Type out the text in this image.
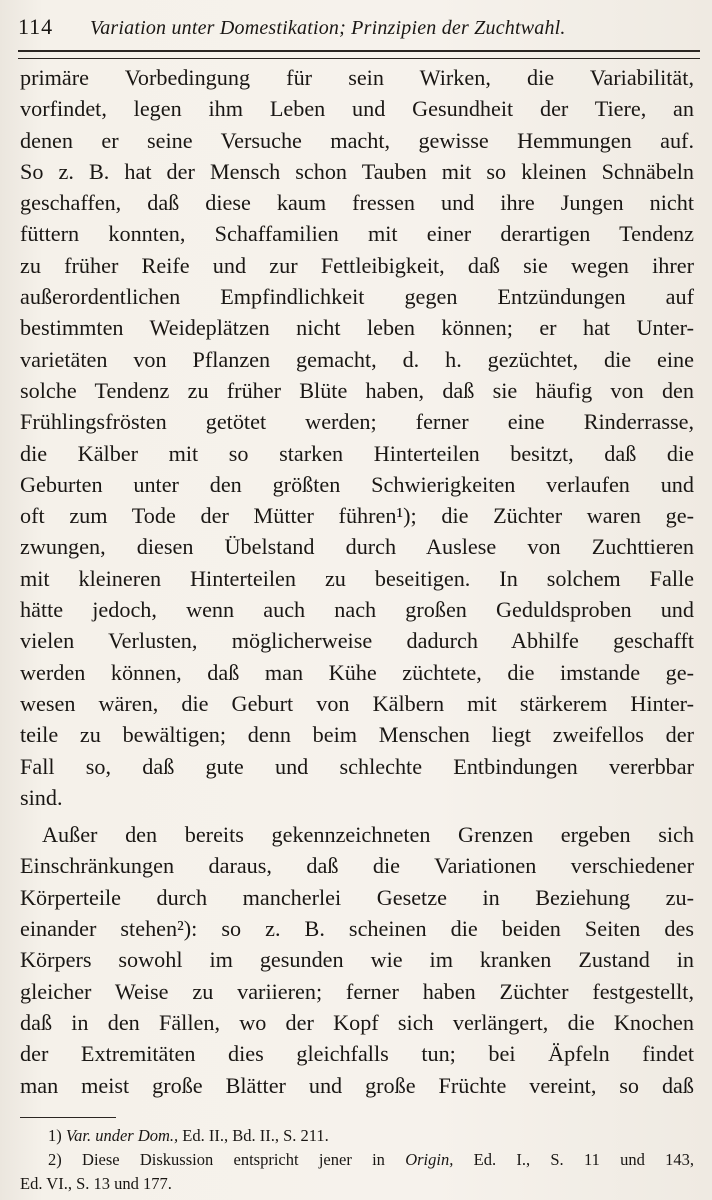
114	Variation unter Domestikation; Prinzipien der Zuchtwahl.
primäre Vorbedingung für sein Wirken, die Variabilität,
vorfindet, legen ihm Leben und Gesundheit der Tiere, an
denen er seine Versuche macht, gewisse Hemmungen auf.
So z. B. hat der Mensch schon Tauben mit so kleinen Schnäbeln
geschaffen, daß diese kaum fressen und ihre Jungen nicht
füttern konnten, Schaffamilien mit einer derartigen Tendenz
zu früher Reife und zur Fettleibigkeit, daß sie wegen ihrer
außerordentlichen Empfindlichkeit gegen Entzündungen auf
bestimmten Weideplätzen nicht leben können; er hat Unter-
varietäten von Pflanzen gemacht, d. h. gezüchtet, die eine
solche Tendenz zu früher Blüte haben, daß sie häufig von den
Frühlingsfrösten getötet werden; ferner eine Rinderrasse,
die Kälber mit so starken Hinterteilen besitzt, daß die
Geburten unter den größten Schwierigkeiten verlaufen und
oft zum Tode der Mütter führen¹); die Züchter waren ge-
zwungen, diesen Übelstand durch Auslese von Zuchttieren
mit kleineren Hinterteilen zu beseitigen. In solchem Falle
hätte jedoch, wenn auch nach großen Geduldsproben und
vielen Verlusten, möglicherweise dadurch Abhilfe geschafft
werden können, daß man Kühe züchtete, die imstande ge-
wesen wären, die Geburt von Kälbern mit stärkerem Hinter-
teile zu bewältigen; denn beim Menschen liegt zweifellos der
Fall so, daß gute und schlechte Entbindungen vererbbar
sind.
Außer den bereits gekennzeichneten Grenzen ergeben sich
Einschränkungen daraus, daß die Variationen verschiedener
Körperteile durch mancherlei Gesetze in Beziehung zu-
einander stehen²): so z. B. scheinen die beiden Seiten des
Körpers sowohl im gesunden wie im kranken Zustand in
gleicher Weise zu variieren; ferner haben Züchter festgestellt,
daß in den Fällen, wo der Kopf sich verlängert, die Knochen
der Extremitäten dies gleichfalls tun; bei Äpfeln findet
man meist große Blätter und große Früchte vereint, so daß
1) Var. under Dom., Ed. II., Bd. II., S. 211.
2) Diese Diskussion entspricht jener in Origin, Ed. I., S. 11 und 143,
Ed. VI., S. 13 und 177.
